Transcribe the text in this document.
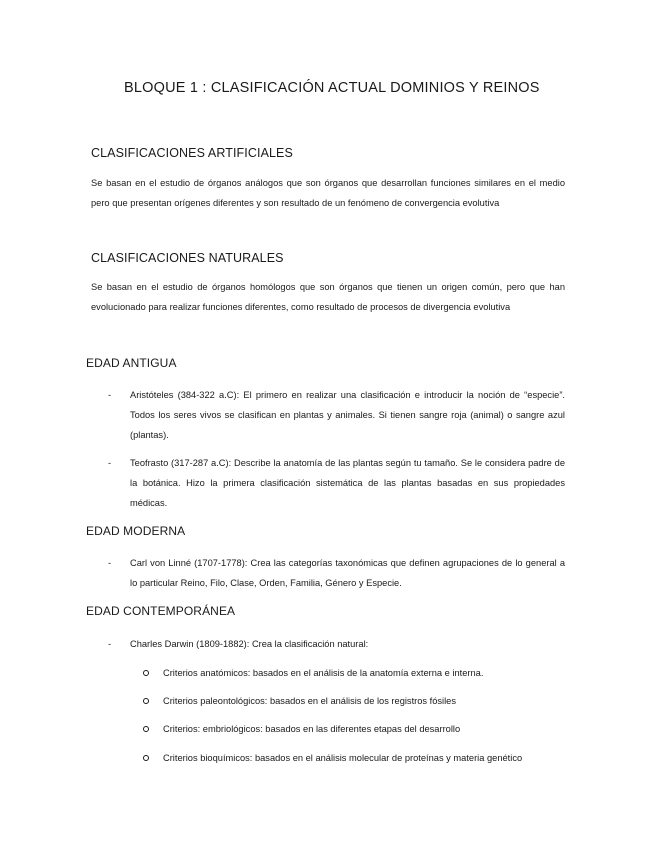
BLOQUE 1 : CLASIFICACIÓN ACTUAL DOMINIOS Y REINOS
CLASIFICACIONES ARTIFICIALES
Se basan en el estudio de órganos análogos que son órganos que desarrollan funciones similares en el medio pero que presentan orígenes diferentes y son resultado de un fenómeno de convergencia evolutiva
CLASIFICACIONES NATURALES
Se basan en el estudio de órganos homólogos que son órganos que tienen un origen común, pero que han evolucionado para realizar funciones diferentes, como resultado de procesos de divergencia evolutiva
EDAD ANTIGUA
- Aristóteles (384-322 a.C): El primero en realizar una clasificación e introducir la noción de “especie”. Todos los seres vivos se clasifican en plantas y animales. Si tienen sangre roja (animal) o sangre azul (plantas).
- Teofrasto (317-287 a.C): Describe la anatomía de las plantas según tu tamaño. Se le considera padre de la botánica. Hizo la primera clasificación sistemática de las plantas basadas en sus propiedades médicas.
EDAD MODERNA
- Carl von Linné (1707-1778): Crea las categorías taxonómicas que definen agrupaciones de lo general a lo particular Reino, Filo, Clase, Orden, Familia, Género y Especie.
EDAD CONTEMPORÁNEA
- Charles Darwin (1809-1882): Crea la clasificación natural:
Criterios anatómicos: basados en el análisis de la anatomía externa e interna.
Criterios paleontológicos: basados en el análisis de los registros fósiles
Criterios: embriológicos: basados en las diferentes etapas del desarrollo
Criterios bioquímicos: basados en el análisis molecular de proteínas y materia genético
